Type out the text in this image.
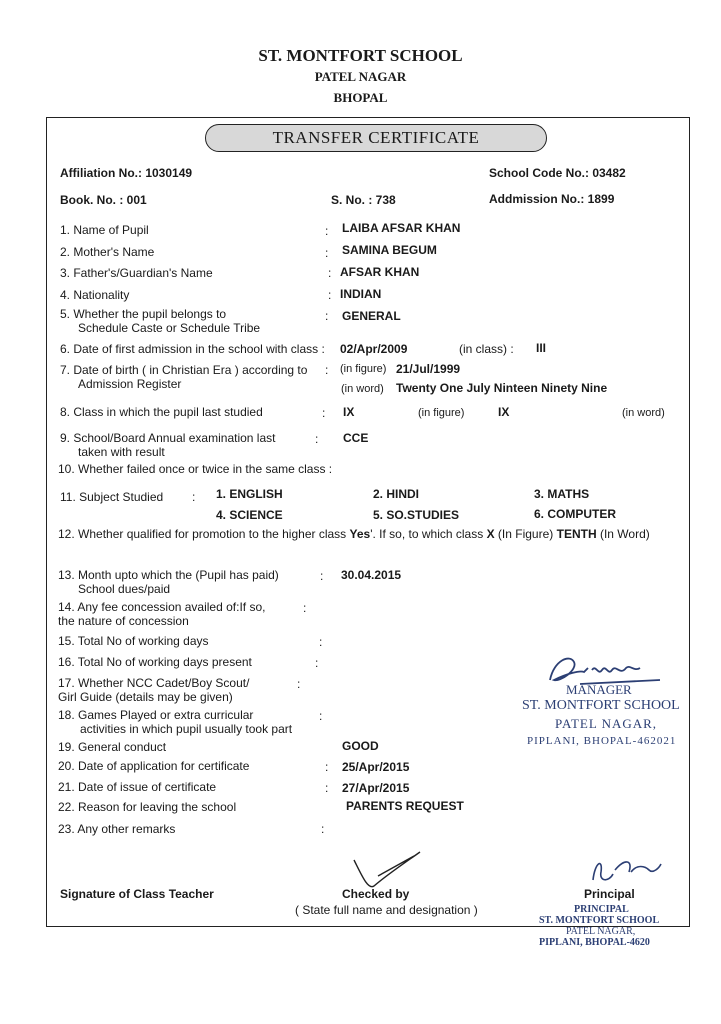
ST. MONTFORT SCHOOL
PATEL NAGAR
BHOPAL
TRANSFER CERTIFICATE
Affiliation No.: 1030149	School Code No.: 03482
Book. No. : 001	S. No. : 738	Addmission No.: 1899
1. Name of Pupil	: LAIBA AFSAR KHAN
2. Mother's Name	: SAMINA BEGUM
3. Father's/Guardian's Name	: AFSAR KHAN
4. Nationality	: INDIAN
5. Whether the pupil belongs to
Schedule Caste or Schedule Tribe
: GENERAL
6. Date of first admission in the school with class : 02/Apr/2009	(in class) : III
7. Date of birth ( in Christian Era ) according to
Admission Register
: (in figure) 21/Jul/1999
(in word) Twenty One July Ninteen Ninety Nine
8. Class in which the pupil last studied	: IX	(in figure)	IX	(in word)
9. School/Board Annual examination last
taken with result
: CCE
10. Whether failed once or twice in the same class :
11. Subject Studied : 1. ENGLISH	2. HINDI	3. MATHS
4. SCIENCE	5. SO.STUDIES	6. COMPUTER
12. Whether qualified for promotion to the higher class Yes'. If so, to which class X (In Figure) TENTH (In Word)
13. Month upto which the (Pupil has paid)
School dues/paid
: 30.04.2015
14. Any fee concession availed of:If so,
the nature of concession
:
15. Total No of working days	:
16. Total No of working days present	:
17. Whether NCC Cadet/Boy Scout/
Girl Guide (details may be given)
:
18. Games Played or extra curricular
activities in which pupil usually took part
:
19. General conduct	GOOD
20. Date of application for certificate	: 25/Apr/2015
21. Date of issue of certificate	: 27/Apr/2015
22. Reason for leaving the school	PARENTS REQUEST
23. Any other remarks	:
MANAGER
ST. MONTFORT SCHOOL
PATEL NAGAR,
PIPLANI, BHOPAL-462021
Signature of Class Teacher	Checked by
( State full name and designation )
Principal
PRINCIPAL
ST. MONTFORT SCHOOL
PATEL NAGAR,
PIPLANI, BHOPAL-4620
